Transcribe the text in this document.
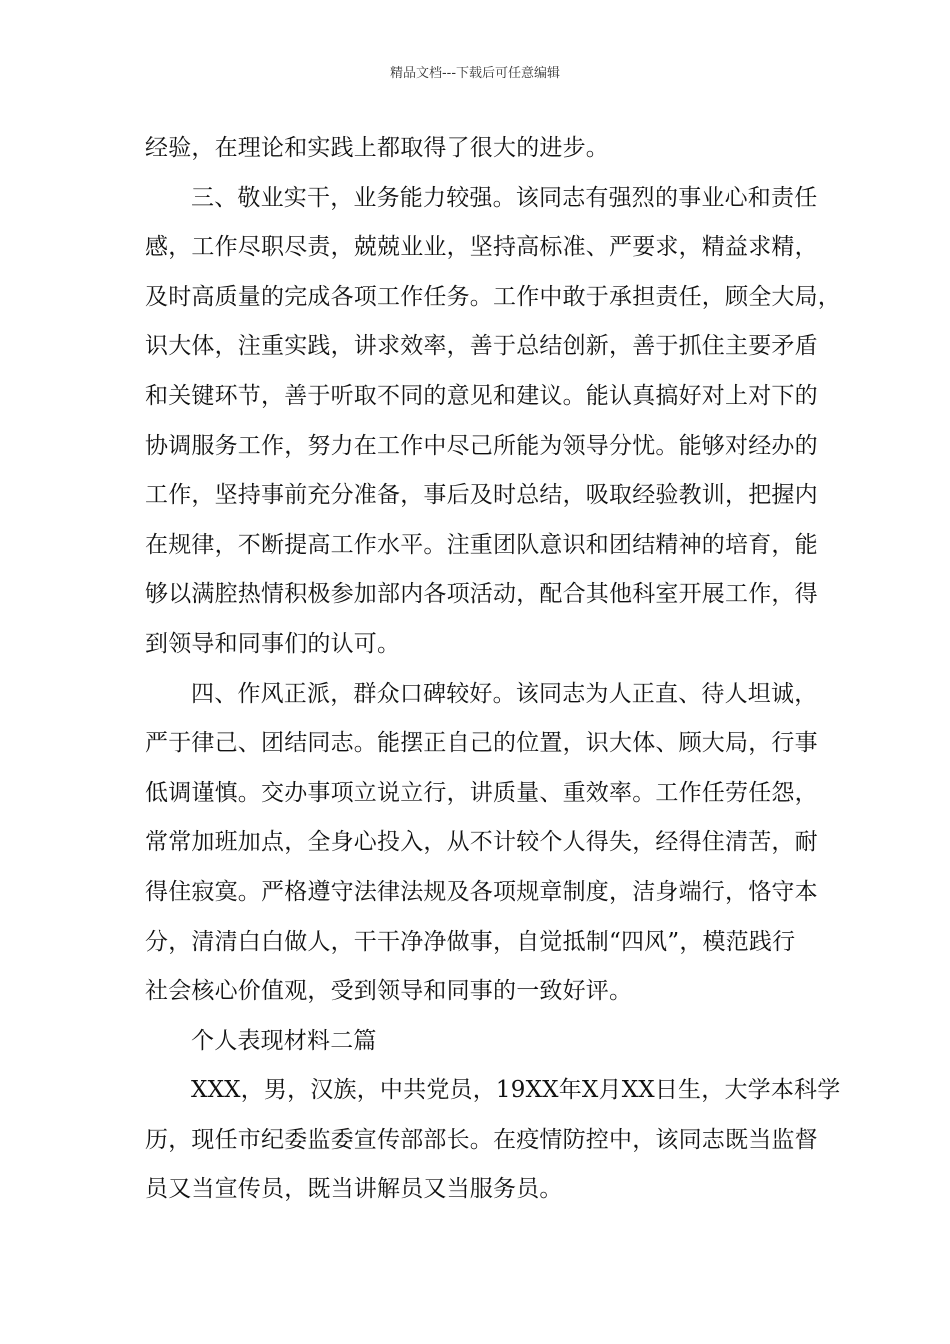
精品文档---下载后可任意编辑
经验，在理论和实践上都取得了很大的进步。
三、敬业实干，业务能力较强。该同志有强烈的事业心和责任
感，工作尽职尽责，兢兢业业，坚持高标准、严要求，精益求精，
及时高质量的完成各项工作任务。工作中敢于承担责任，顾全大局，
识大体，注重实践，讲求效率，善于总结创新，善于抓住主要矛盾
和关键环节，善于听取不同的意见和建议。能认真搞好对上对下的
协调服务工作，努力在工作中尽己所能为领导分忧。能够对经办的
工作，坚持事前充分准备，事后及时总结，吸取经验教训，把握内
在规律，不断提高工作水平。注重团队意识和团结精神的培育，能
够以满腔热情积极参加部内各项活动，配合其他科室开展工作，得
到领导和同事们的认可。
四、作风正派，群众口碑较好。该同志为人正直、待人坦诚，
严于律己、团结同志。能摆正自己的位置，识大体、顾大局，行事
低调谨慎。交办事项立说立行，讲质量、重效率。工作任劳任怨，
常常加班加点，全身心投入，从不计较个人得失，经得住清苦，耐
得住寂寞。严格遵守法律法规及各项规章制度，洁身端行，恪守本
分，清清白白做人，干干净净做事，自觉抵制“四风”，模范践行
社会核心价值观，受到领导和同事的一致好评。
个人表现材料二篇
XXX，男，汉族，中共党员，19XX年X月XX日生，大学本科学
历，现任市纪委监委宣传部部长。在疫情防控中，该同志既当监督
员又当宣传员，既当讲解员又当服务员。
